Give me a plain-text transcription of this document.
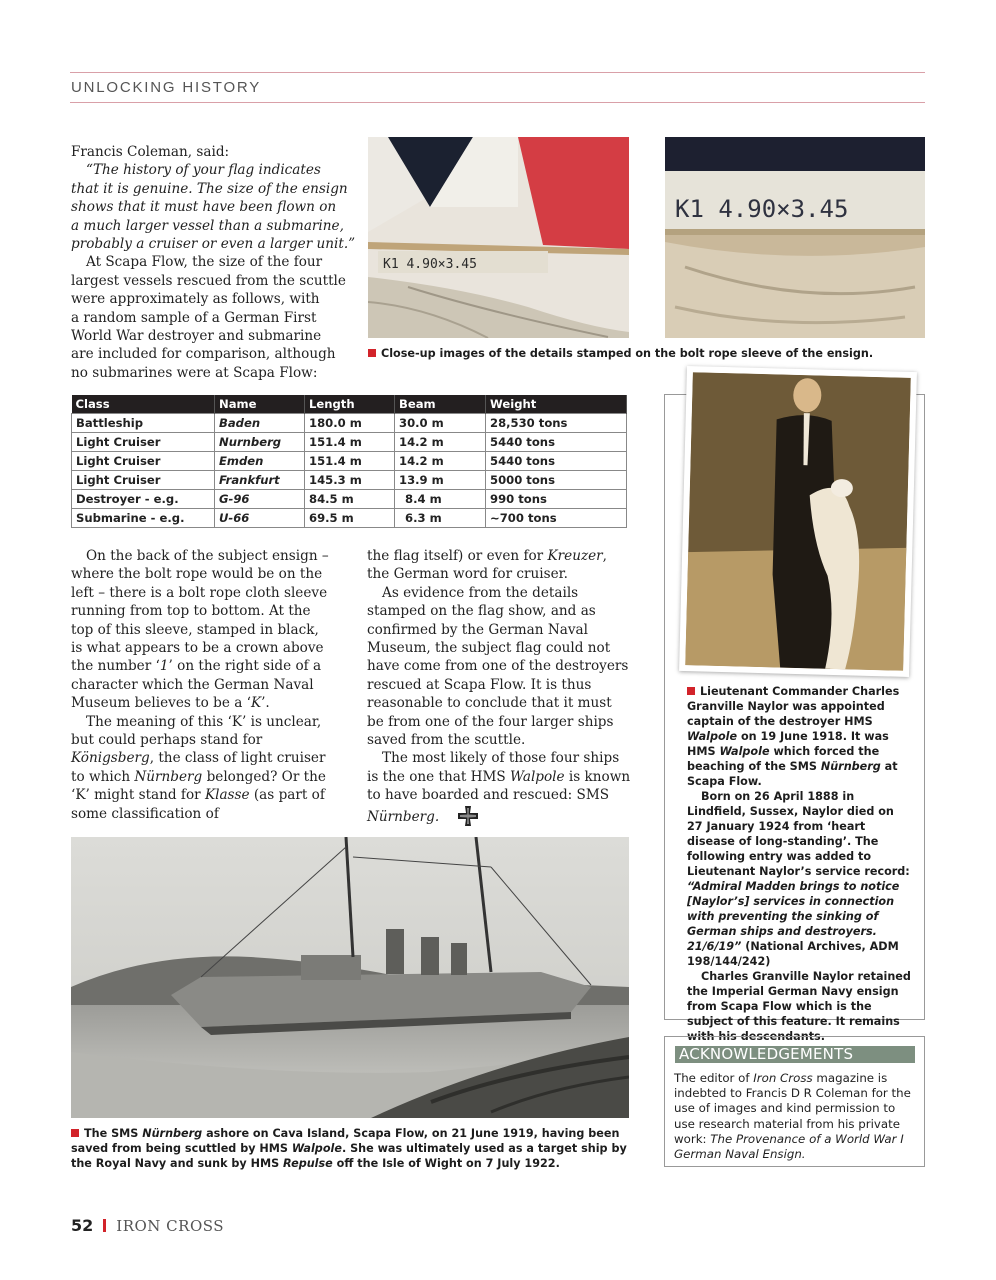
UNLOCKING HISTORY
Francis Coleman, said:
“The history of your flag indicates
that it is genuine. The size of the ensign
shows that it must have been flown on
a much larger vessel than a submarine,
probably a cruiser or even a larger unit.”
At Scapa Flow, the size of the four
largest vessels rescued from the scuttle
were approximately as follows, with
a random sample of a German First
World War destroyer and submarine
are included for comparison, although
no submarines were at Scapa Flow:
K1 4.90×3.45
K1 4.90×3.45
Close-up images of the details stamped on the bolt rope sleeve of the ensign.
Class	Name	Length	Beam	Weight
Battleship	Baden	180.0 m	30.0 m	28,530 tons
Light Cruiser	Nurnberg	151.4 m	14.2 m	5440 tons
Light Cruiser	Emden	151.4 m	14.2 m	5440 tons
Light Cruiser	Frankfurt	145.3 m	13.9 m	5000 tons
Destroyer - e.g.	G-96	84.5 m	8.4 m	990 tons
Submarine - e.g.	U-66	69.5 m	6.3 m	~700 tons

On the back of the subject ensign – where the bolt rope would be on the left – there is a bolt rope cloth sleeve running from top to bottom. At the top of this sleeve, stamped in black, is what appears to be a crown above the number ‘1’ on the right side of a character which the German Naval Museum believes to be a ‘K’.

The meaning of this ‘K’ is unclear, but could perhaps stand for Königsberg, the class of light cruiser to which Nürnberg belonged? Or the ‘K’ might stand for Klasse (as part of some classification of

the flag itself) or even for Kreuzer, the German word for cruiser.

As evidence from the details stamped on the flag show, and as confirmed by the German Naval Museum, the subject flag could not have come from one of the destroyers rescued at Scapa Flow. It is thus reasonable to conclude that it must be from one of the four larger ships saved from the scuttle.

The most likely of those four ships is the one that HMS Walpole is known to have boarded and rescued: SMS Nürnberg.

The SMS Nürnberg ashore on Cava Island, Scapa Flow, on 21 June 1919, having been saved from being scuttled by HMS Walpole. She was ultimately used as a target ship by the Royal Navy and sunk by HMS Repulse off the Isle of Wight on 7 July 1922.

Lieutenant Commander Charles Granville Naylor was appointed captain of the destroyer HMS Walpole on 19 June 1918. It was HMS Walpole which forced the beaching of the SMS Nürnberg at Scapa Flow.

Born on 26 April 1888 in Lindfield, Sussex, Naylor died on 27 January 1924 from ‘heart disease of long-standing’. The following entry was added to Lieutenant Naylor’s service record: “Admiral Madden brings to notice [Naylor’s] services in connection with preventing the sinking of German ships and destroyers. 21/6/19” (National Archives, ADM 198/144/242)

Charles Granville Naylor retained the Imperial German Navy ensign from Scapa Flow which is the subject of this feature. It remains with his descendants.

ACKNOWLEDGEMENTS
The editor of Iron Cross magazine is indebted to Francis D R Coleman for the use of images and kind permission to use research material from his private work: The Provenance of a World War I German Naval Ensign.
52 IRON CROSS
